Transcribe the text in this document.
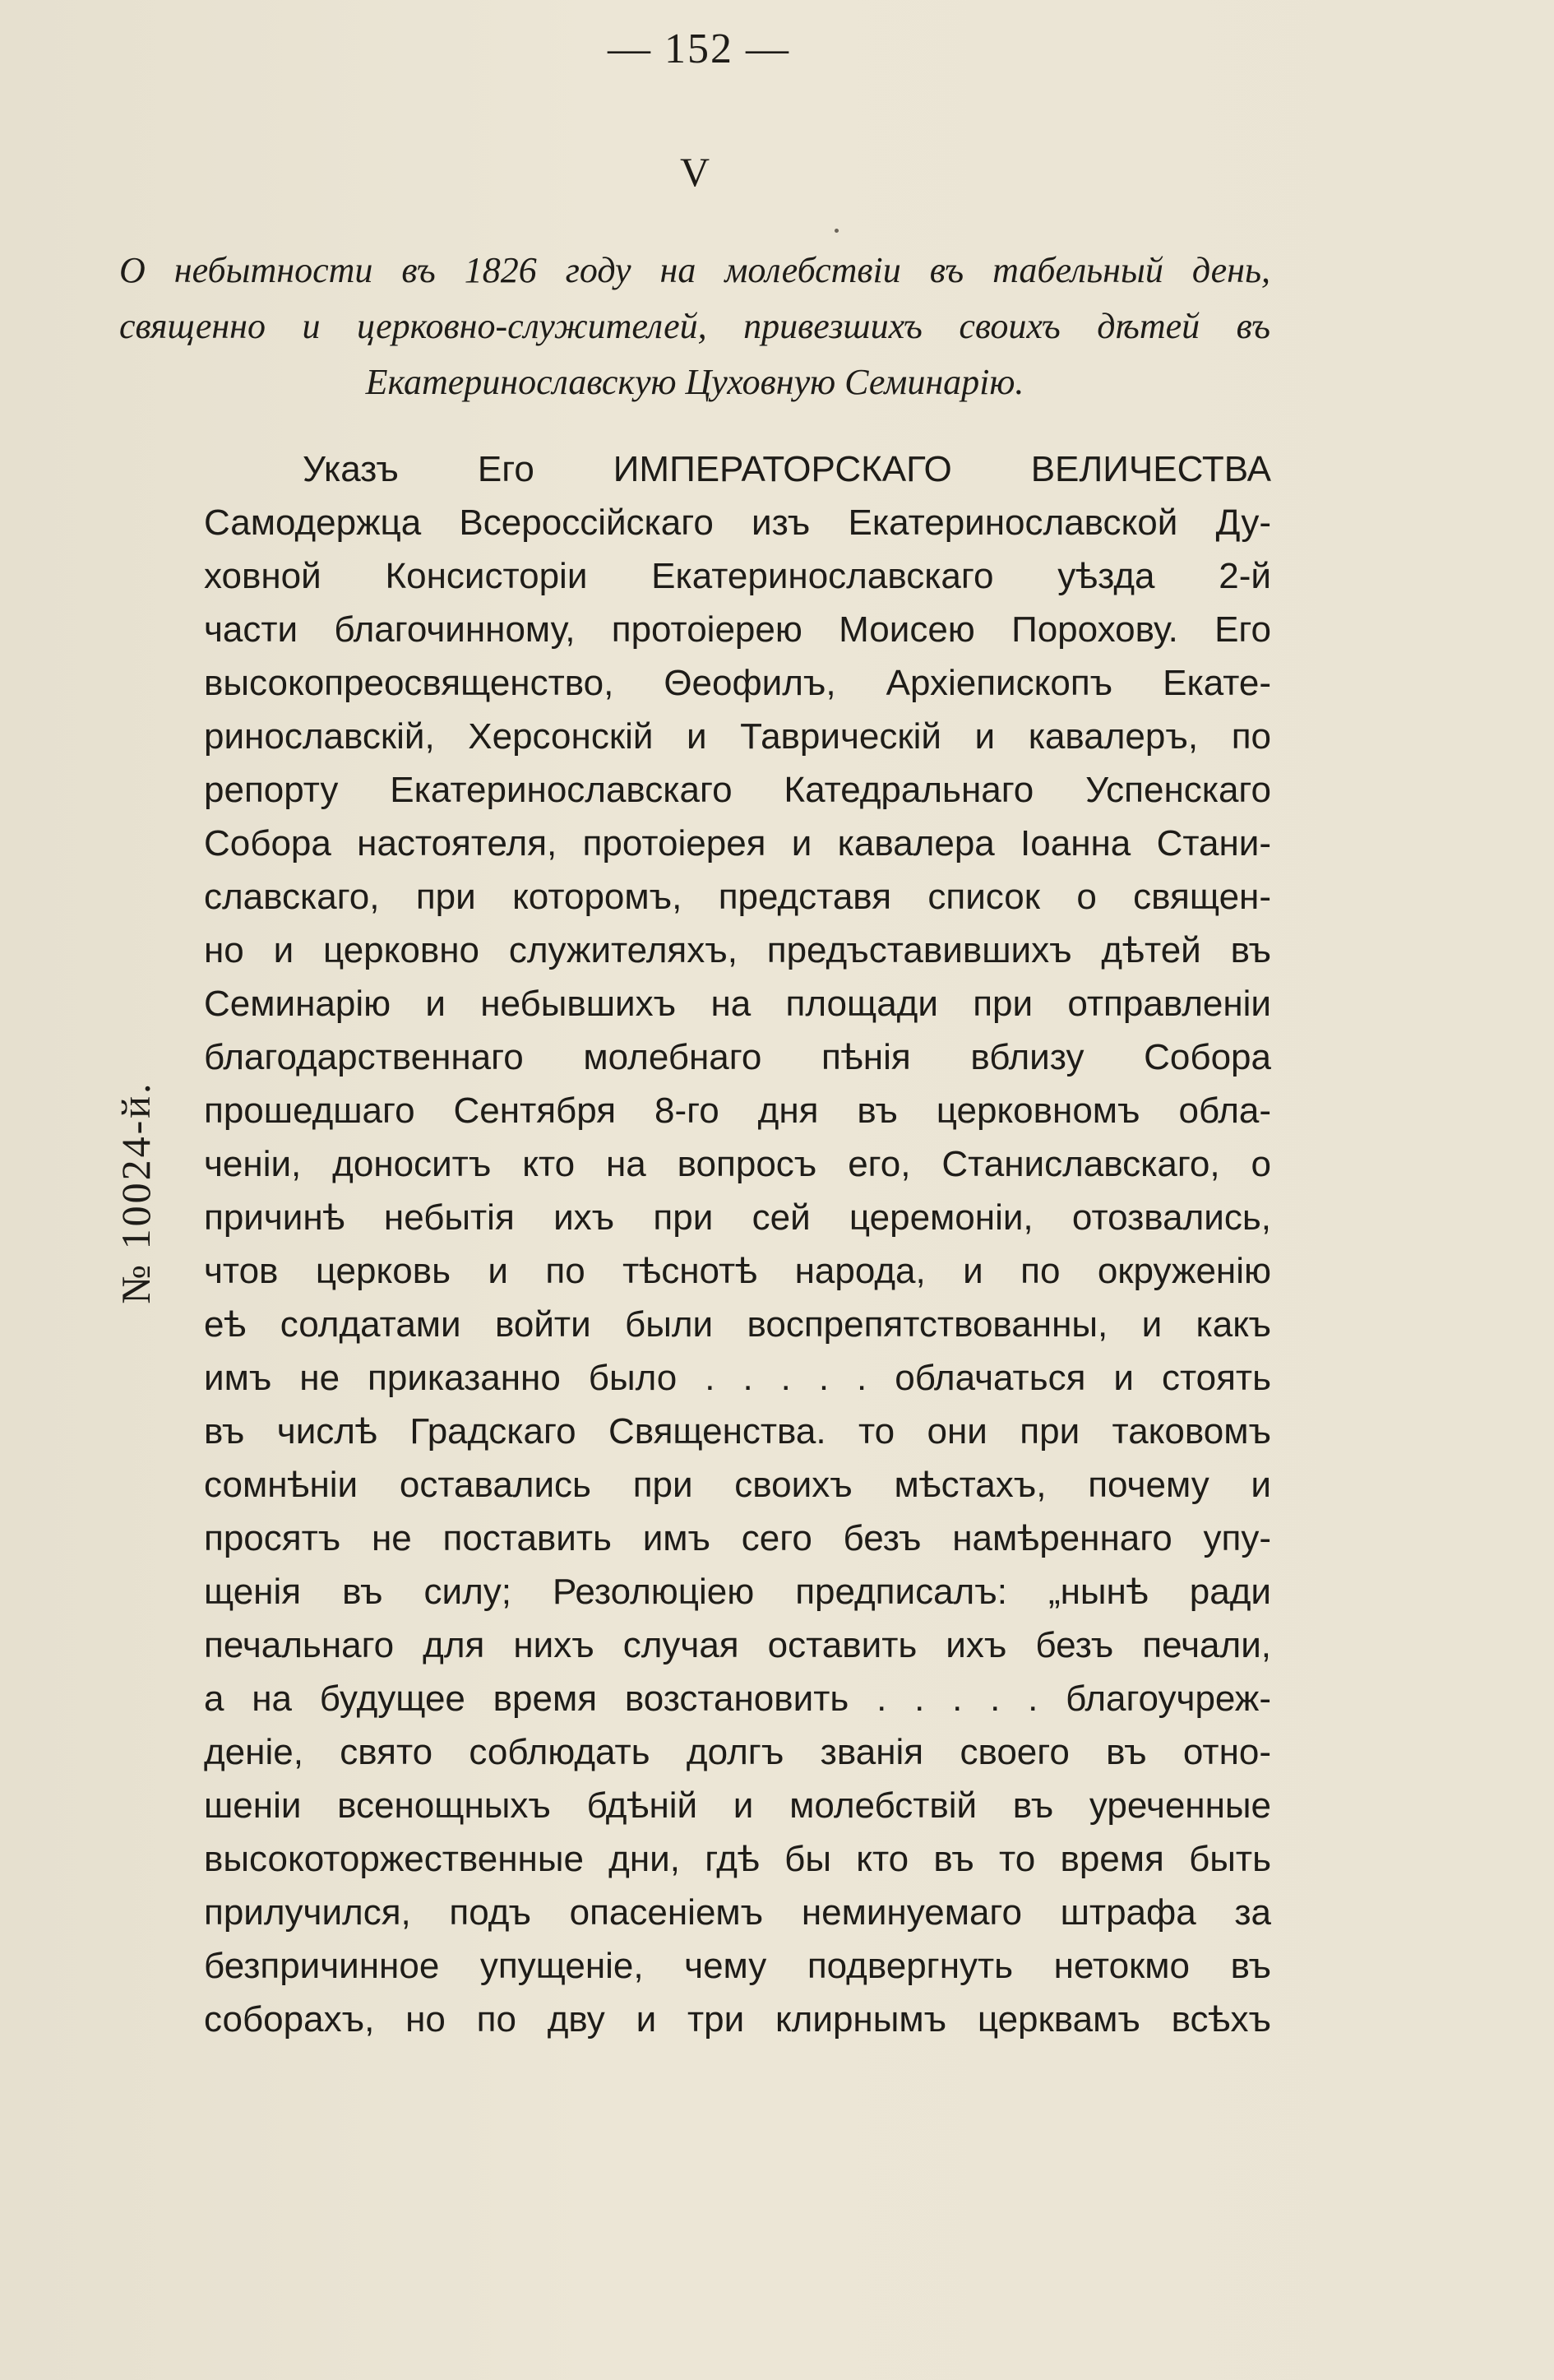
— 152 —
V
О небытности въ 1826 году на молебствіи въ табельный день,
священно и церковно-служителей, привезшихъ своихъ дѣтей въ
Екатеринославскую Цуховную Семинарію.
№ 10024-й.
Указъ Его ИМПЕРАТОРСКАГО ВЕЛИЧЕСТВА
Самодержца Всероссійскаго изъ Екатеринославской Ду-
ховной Консисторіи Екатеринославскаго уѣзда 2-й
части благочинному, протоіерею Моисею Порохову. Его
высокопреосвященство, Θеофилъ, Архіепископъ Екате-
ринославскій, Херсонскій и Таврическій и кавалеръ, по
репорту Екатеринославскаго Катедральнаго Успенскаго
Собора настоятеля, протоіерея и кавалера Іоанна Стани-
славскаго, при которомъ, представя список о священ-
но и церковно служителяхъ, предъставившихъ дѣтей въ
Семинарію и небывшихъ на площади при отправленіи
благодарственнаго молебнаго пѣнія вблизу Собора
прошедшаго Сентября 8-го дня въ церковномъ обла-
ченіи, доноситъ кто на вопросъ его, Станиславскаго, о
причинѣ небытія ихъ при сей церемоніи, отозвались,
чтов церковь и по тѣснотѣ народа, и по окруженію
еѣ солдатами войти были воспрепятствованны, и какъ
имъ не приказанно было . . . . . облачаться и стоять
въ числѣ Градскаго Священства. то они при таковомъ
сомнѣніи оставались при своихъ мѣстахъ, почему и
просятъ не поставить имъ сего безъ намѣреннаго упу-
щенія въ силу; Резолюціею предписалъ: „нынѣ ради
печальнаго для нихъ случая оставить ихъ безъ печали,
а на будущее время возстановить . . . . . благоучреж-
деніе, свято соблюдать долгъ званія своего въ отно-
шеніи всенощныхъ бдѣній и молебствій въ уреченные
высокоторжественные дни, гдѣ бы кто въ то время быть
прилучился, подъ опасеніемъ неминуемаго штрафа за
безпричинное упущеніе, чему подвергнуть нетокмо въ
соборахъ, но по дву и три клирнымъ церквамъ всѣхъ
